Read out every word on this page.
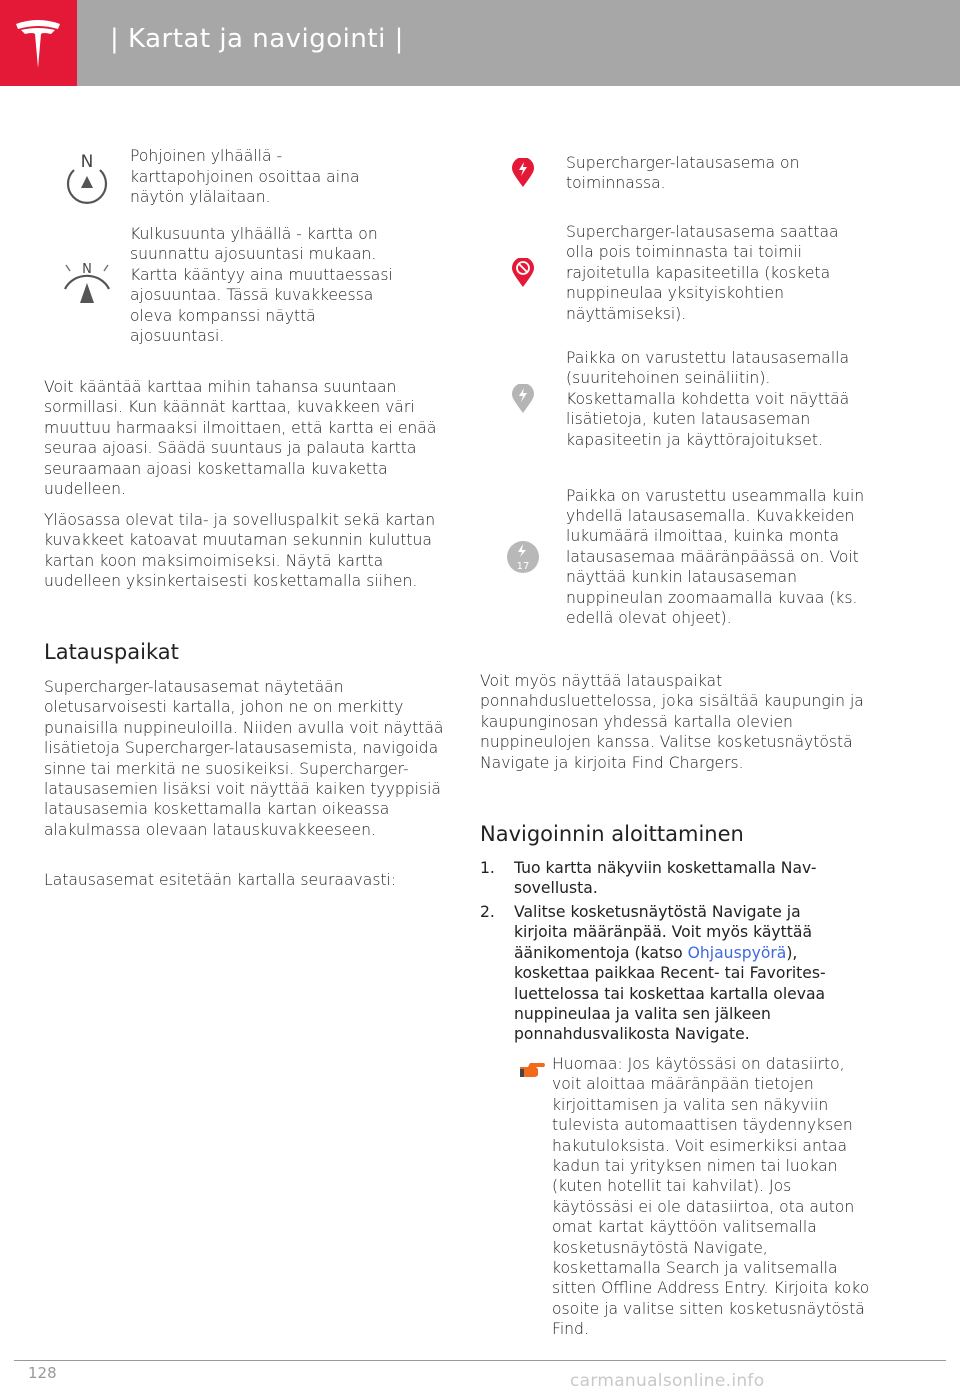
| Kartat ja navigointi |
N Pohjoinen ylhäällä - karttapohjoinen osoittaa aina näytön ylälaitaan.
N
Kulkusuunta ylhäällä - kartta on suunnattu ajosuuntasi mukaan. Kartta kääntyy aina muuttaessasi ajosuuntaa. Tässä kuvakkeessa oleva kompanssi näyttä ajosuuntasi.

Voit kääntää karttaa mihin tahansa suuntaan sormillasi. Kun käännät karttaa, kuvakkeen väri muuttuu harmaaksi ilmoittaen, että kartta ei enää seuraa ajoasi. Säädä suuntaus ja palauta kartta seuraamaan ajoasi koskettamalla kuvaketta uudelleen.

Yläosassa olevat tila- ja sovelluspalkit sekä kartan kuvakkeet katoavat muutaman sekunnin kuluttua kartan koon maksimoimiseksi. Näytä kartta uudelleen yksinkertaisesti koskettamalla siihen.

Latauspaikat

Supercharger-latausasemat näytetään oletusarvoisesti kartalla, johon ne on merkitty punaisilla nuppineuloilla. Niiden avulla voit näyttää lisätietoja Supercharger-latausasemista, navigoida sinne tai merkitä ne suosikeiksi. Supercharger-latausasemien lisäksi voit näyttää kaiken tyyppisiä latausasemia koskettamalla kartan oikeassa alakulmassa olevaan latauskuvakkeeseen.

Latausasemat esitetään kartalla seuraavasti:

Supercharger-latausasema on toiminnassa.
Supercharger-latausasema saattaa olla pois toiminnasta tai toimii rajoitetulla kapasiteetilla (kosketa nuppineulaa yksityiskohtien näyttämiseksi).
Paikka on varustettu latausasemalla (suuritehoinen seinäliitin). Koskettamalla kohdetta voit näyttää lisätietoja, kuten latausaseman kapasiteetin ja käyttörajoitukset.
17
Paikka on varustettu useammalla kuin yhdellä latausasemalla. Kuvakkeiden lukumäärä ilmoittaa, kuinka monta latausasemaa määränpäässä on. Voit näyttää kunkin latausaseman nuppineulan zoomaamalla kuvaa (ks. edellä olevat ohjeet).

Voit myös näyttää latauspaikat ponnahdusluettelossa, joka sisältää kaupungin ja kaupunginosan yhdessä kartalla olevien nuppineulojen kanssa. Valitse kosketusnäytöstä Navigate ja kirjoita Find Chargers.

Navigoinnin aloittaminen
1.	Tuo kartta näkyviin koskettamalla Nav-sovellusta.
2.	Valitse kosketusnäytöstä Navigate ja kirjoita määränpää. Voit myös käyttää äänikomentoja (katso Ohjauspyörä), koskettaa paikkaa Recent- tai Favorites-luettelossa tai koskettaa kartalla olevaa nuppineulaa ja valita sen jälkeen ponnahdusvalikosta Navigate.
Huomaa: Jos käytössäsi on datasiirto, voit aloittaa määränpään tietojen kirjoittamisen ja valita sen näkyviin tulevista automaattisen täydennyksen hakutuloksista. Voit esimerkiksi antaa kadun tai yrityksen nimen tai luokan (kuten hotellit tai kahvilat). Jos käytössäsi ei ole datasiirtoa, ota auton omat kartat käyttöön valitsemalla kosketusnäytöstä Navigate, koskettamalla Search ja valitsemalla sitten Offline Address Entry. Kirjoita koko osoite ja valitse sitten kosketusnäytöstä Find.
128	carmanualsonline.info
